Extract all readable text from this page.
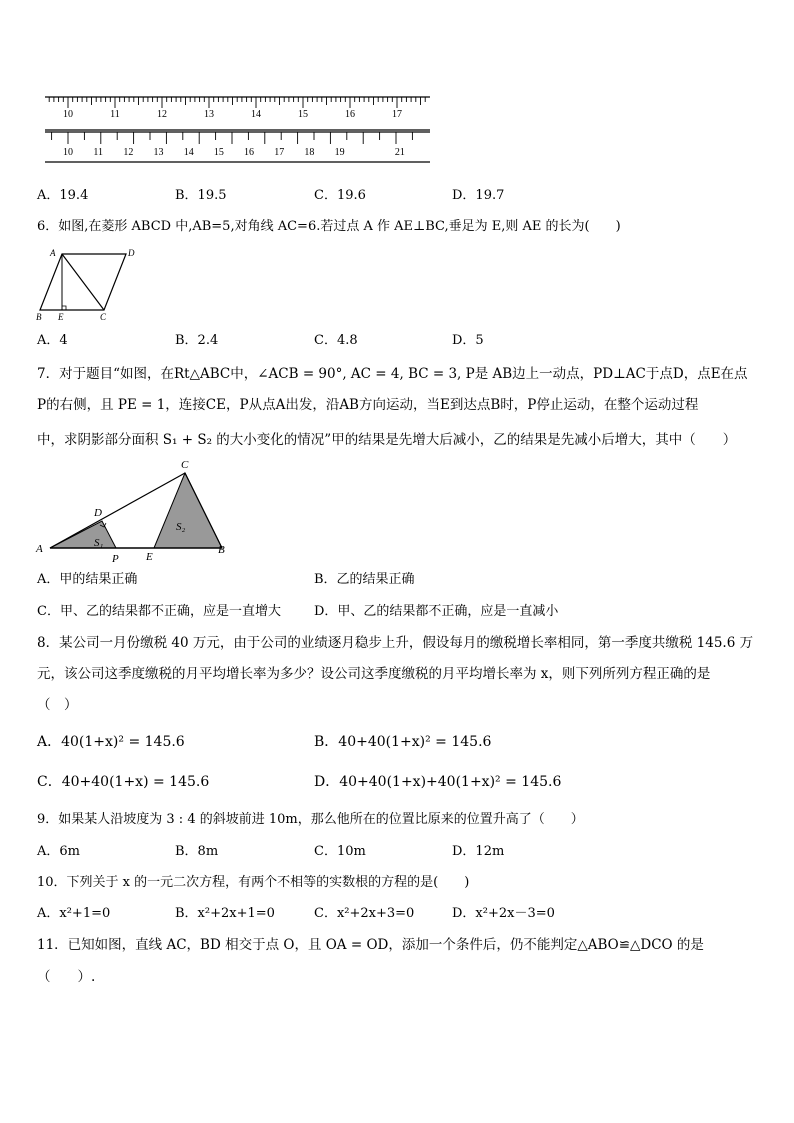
10	11	12	13	14	15	16	17
10 11 12 13 14 15 16 17 18 19	21
A．19.4	B．19.5	C．19.6	D．19.7
6．如图,在菱形 ABCD 中,AB=5,对角线 AC=6.若过点 A 作 AE⊥BC,垂足为 E,则 AE 的长为(　　)
A	D
B E	C
A．4	B．2.4	C．4.8	D．5
7．对于题目“如图，在Rt△ABC中，∠ACB = 90°, AC = 4, BC = 3, P是 AB边上一动点，PD⊥AC于点D，点E在点
P的右侧，且 PE = 1，连接CE，P从点A出发，沿AB方向运动，当E到达点B时，P停止运动，在整个运动过程
中，求阴影部分面积 S₁ + S₂ 的大小变化的情况”甲的结果是先增大后减小，乙的结果是先减小后增大，其中（　　）
C
D
A
P E
B
S₁
S₂
A．甲的结果正确	B．乙的结果正确
C．甲、乙的结果都不正确，应是一直增大	D．甲、乙的结果都不正确，应是一直减小
8．某公司一月份缴税 40 万元，由于公司的业绩逐月稳步上升，假设每月的缴税增长率相同，第一季度共缴税 145.6 万
元，该公司这季度缴税的月平均增长率为多少？设公司这季度缴税的月平均增长率为 x，则下列所列方程正确的是
（　）
A．40(1+x)² = 145.6	B．40+40(1+x)² = 145.6
C．40+40(1+x) = 145.6	D．40+40(1+x)+40(1+x)² = 145.6
9．如果某人沿坡度为 3 : 4 的斜坡前进 10m，那么他所在的位置比原来的位置升高了（　　）
A．6m	B．8m	C．10m	D．12m
10．下列关于 x 的一元二次方程，有两个不相等的实数根的方程的是(　　)
A．x²+1=0	B．x²+2x+1=0	C．x²+2x+3=0	D．x²+2x－3=0
11．已知如图，直线 AC，BD 相交于点 O，且 OA = OD，添加一个条件后，仍不能判定△ABO≌△DCO 的是
（　　）.
